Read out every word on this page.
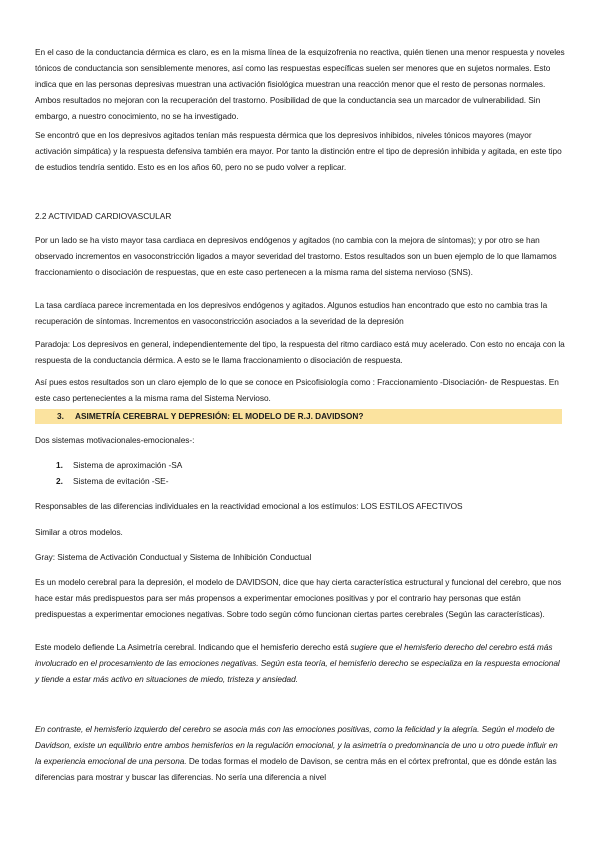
En el caso de la conductancia dérmica es claro, es en la misma línea de la esquizofrenia no reactiva, quién tienen una menor respuesta y noveles tónicos de conductancia son sensiblemente menores, así como las respuestas específicas suelen ser menores que en sujetos normales. Esto indica que en las personas depresivas muestran una activación fisiológica muestran una reacción menor que el resto de personas normales. Ambos resultados no mejoran con la recuperación del trastorno. Posibilidad de que la conductancia sea un marcador de vulnerabilidad. Sin embargo, a nuestro conocimiento, no se ha investigado.

Se encontró que en los depresivos agitados tenían más respuesta dérmica que los depresivos inhibidos, niveles tónicos mayores (mayor activación simpática) y la respuesta defensiva también era mayor. Por tanto la distinción entre el tipo de depresión inhibida y agitada, en este tipo de estudios tendría sentido. Esto es en los años 60, pero no se pudo volver a replicar.

2.2 ACTIVIDAD CARDIOVASCULAR

Por un lado se ha visto mayor tasa cardiaca en depresivos endógenos y agitados (no cambia con la mejora de síntomas); y por otro se han observado incrementos en vasoconstricción ligados a mayor severidad del trastorno. Estos resultados son un buen ejemplo de lo que llamamos fraccionamiento o disociación de respuestas, que en este caso pertenecen a la misma rama del sistema nervioso (SNS).

La tasa cardíaca parece incrementada en los depresivos endógenos y agitados. Algunos estudios han encontrado que esto no cambia tras la recuperación de síntomas. Incrementos en vasoconstricción asociados a la severidad de la depresión

Paradoja: Los depresivos en general, independientemente del tipo, la respuesta del ritmo cardiaco está muy acelerado. Con esto no encaja con la respuesta de la conductancia dérmica. A esto se le llama fraccionamiento o disociación de respuesta.

Así pues estos resultados son un claro ejemplo de lo que se conoce en Psicofisiología como : Fraccionamiento -Disociación- de Respuestas. En este caso pertenecientes a la misma rama del Sistema Nervioso.

3. ASIMETRÍA CEREBRAL Y DEPRESIÓN: EL MODELO DE R.J. DAVIDSON?

Dos sistemas motivacionales-emocionales-:

1. Sistema de aproximación -SA
2. Sistema de evitación -SE-

Responsables de las diferencias individuales en la reactividad emocional a los estímulos: LOS ESTILOS AFECTIVOS

Similar a otros modelos.

Gray: Sistema de Activación Conductual y Sistema de Inhibición Conductual

Es un modelo cerebral para la depresión, el modelo de DAVIDSON, dice que hay cierta característica estructural y funcional del cerebro, que nos hace estar más predispuestos para ser más propensos a experimentar emociones positivas y por el contrario hay personas que están predispuestas a experimentar emociones negativas. Sobre todo según cómo funcionan ciertas partes cerebrales (Según las características).

Este modelo defiende La Asimetría cerebral. Indicando que el hemisferio derecho está sugiere que el hemisferio derecho del cerebro está más involucrado en el procesamiento de las emociones negativas. Según esta teoría, el hemisferio derecho se especializa en la respuesta emocional y tiende a estar más activo en situaciones de miedo, tristeza y ansiedad.

En contraste, el hemisferio izquierdo del cerebro se asocia más con las emociones positivas, como la felicidad y la alegría. Según el modelo de Davidson, existe un equilibrio entre ambos hemisferios en la regulación emocional, y la asimetría o predominancia de uno u otro puede influir en la experiencia emocional de una persona. De todas formas el modelo de Davison, se centra más en el córtex prefrontal, que es dónde están las diferencias para mostrar y buscar las diferencias. No sería una diferencia a nivel
